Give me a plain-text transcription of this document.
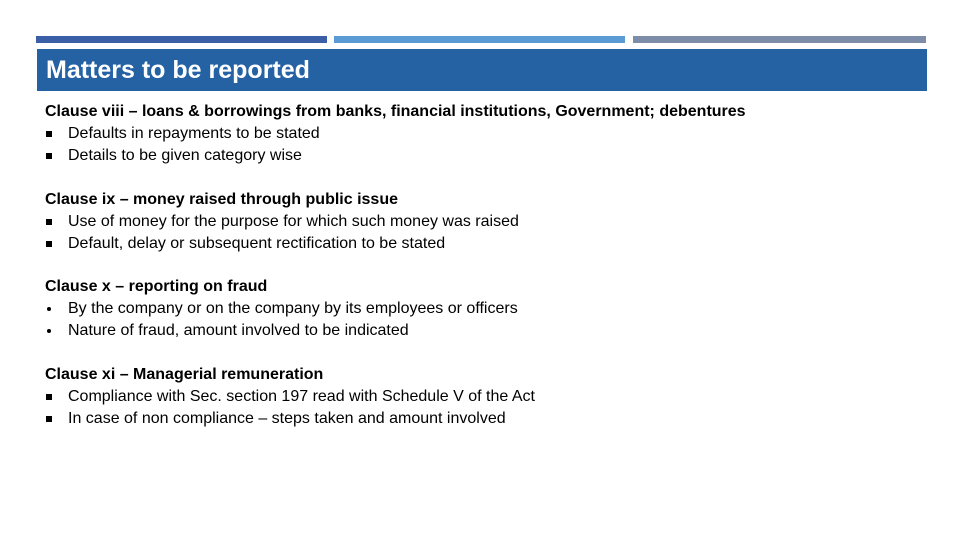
Matters to be reported
Clause viii – loans & borrowings from banks, financial institutions, Government; debentures
Defaults in repayments to be stated
Details to be given category wise
Clause ix – money raised through public issue
Use of money for the purpose for which such money was raised
Default, delay or subsequent rectification to be stated
Clause x – reporting on fraud
By the company or on the company by its employees or officers
Nature of fraud, amount involved to be indicated
Clause xi – Managerial remuneration
Compliance with Sec. section 197 read with Schedule V of the Act
In case of non compliance – steps taken and amount involved
